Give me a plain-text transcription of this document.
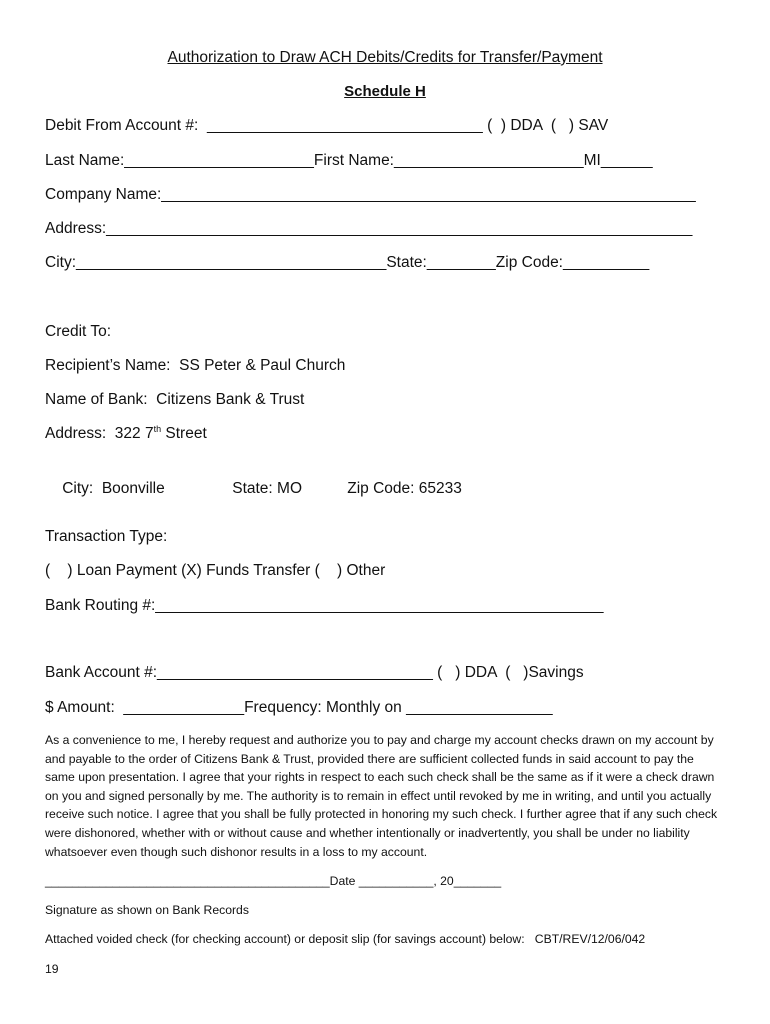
Authorization to Draw ACH Debits/Credits for Transfer/Payment
Schedule H
Debit From Account #:  ________________________________ (  ) DDA  (   ) SAV
Last Name:______________________First Name:______________________MI______
Company Name:______________________________________________________________
Address:____________________________________________________________________
City:____________________________________State:________Zip Code:__________
Credit To:
Recipient’s Name:  SS Peter & Paul Church
Name of Bank:  Citizens Bank & Trust
Address:  322 7th Street

City:  Boonville	State: MO	Zip Code: 65233

Transaction Type:
(    ) Loan Payment (X) Funds Transfer (    ) Other
Bank Routing #:____________________________________________________
Bank Account #:________________________________ (   ) DDA  (   )Savings
$ Amount:  ______________Frequency: Monthly on _________________
As a convenience to me, I hereby request and authorize you to pay and charge my account checks drawn on my account by and payable to the order of Citizens Bank & Trust, provided there are sufficient collected funds in said account to pay the same upon presentation. I agree that your rights in respect to each such check shall be the same as if it were a check drawn on you and signed personally by me. The authority is to remain in effect until revoked by me in writing, and until you actually receive such notice. I agree that you shall be fully protected in honoring my such check. I further agree that if any such check were dishonored, whether with or without cause and whether intentionally or inadvertently, you shall be under no liability whatsoever even though such dishonor results in a loss to my account.
__________________________________________Date ___________, 20_______
Signature as shown on Bank Records
Attached voided check (for checking account) or deposit slip (for savings account) below:   CBT/REV/12/06/042
19
